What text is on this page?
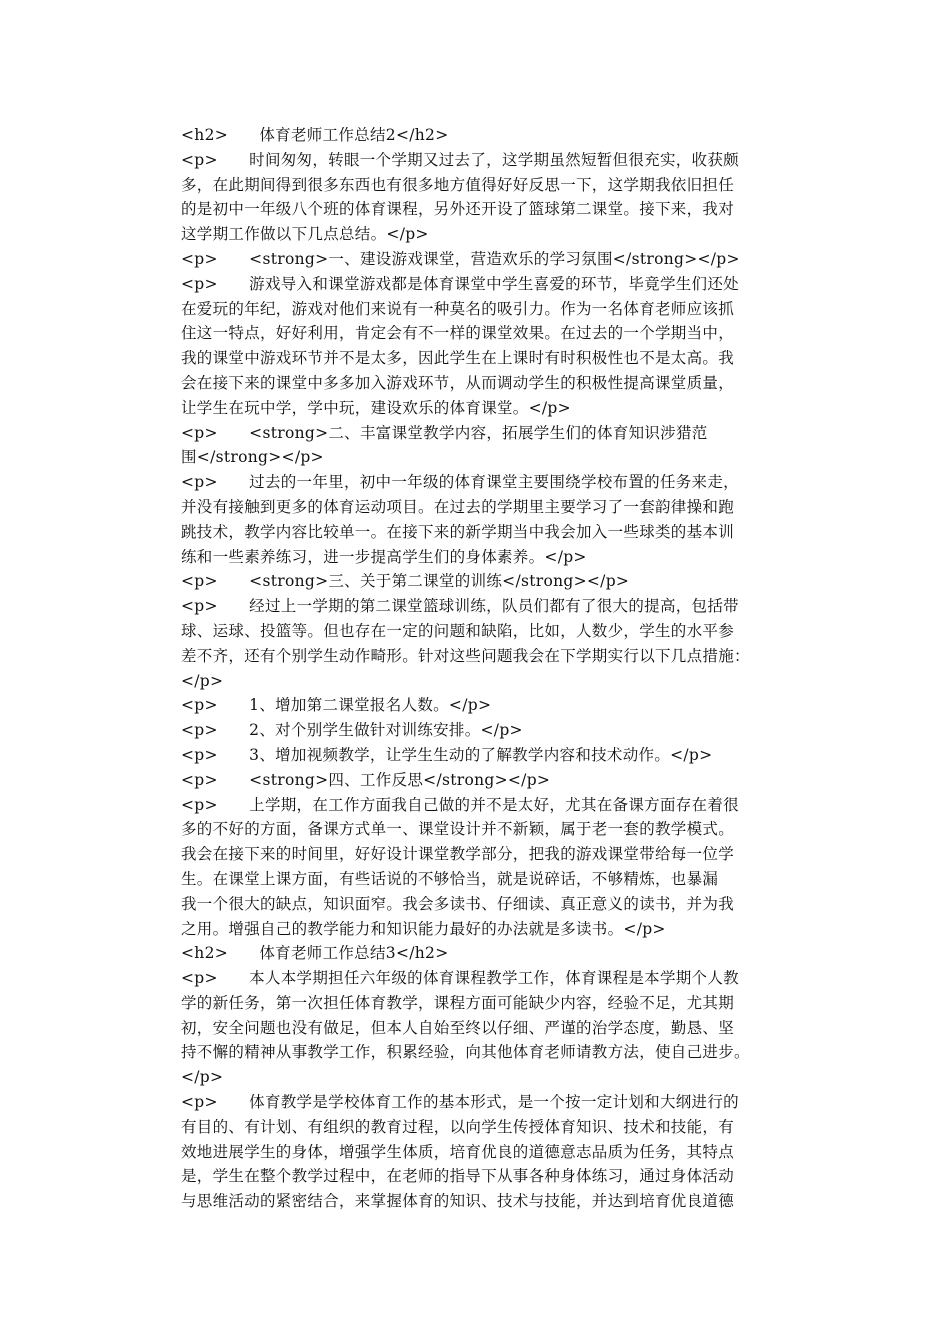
<h2>      体育老师工作总结2</h2>
<p>      时间匆匆，转眼一个学期又过去了，这学期虽然短暂但很充实，收获颇
多，在此期间得到很多东西也有很多地方值得好好反思一下，这学期我依旧担任
的是初中一年级八个班的体育课程，另外还开设了篮球第二课堂。接下来，我对
这学期工作做以下几点总结。</p>
<p>      <strong>一、建设游戏课堂，营造欢乐的学习氛围</strong></p>
<p>      游戏导入和课堂游戏都是体育课堂中学生喜爱的环节，毕竟学生们还处
在爱玩的年纪，游戏对他们来说有一种莫名的吸引力。作为一名体育老师应该抓
住这一特点，好好利用，肯定会有不一样的课堂效果。在过去的一个学期当中，
我的课堂中游戏环节并不是太多，因此学生在上课时有时积极性也不是太高。我
会在接下来的课堂中多多加入游戏环节，从而调动学生的积极性提高课堂质量，
让学生在玩中学，学中玩，建设欢乐的体育课堂。</p>
<p>      <strong>二、丰富课堂教学内容，拓展学生们的体育知识涉猎范
围</strong></p>
<p>      过去的一年里，初中一年级的体育课堂主要围绕学校布置的任务来走，
并没有接触到更多的体育运动项目。在过去的学期里主要学习了一套韵律操和跑
跳技术，教学内容比较单一。在接下来的新学期当中我会加入一些球类的基本训
练和一些素养练习，进一步提高学生们的身体素养。</p>
<p>      <strong>三、关于第二课堂的训练</strong></p>
<p>      经过上一学期的第二课堂篮球训练，队员们都有了很大的提高，包括带
球、运球、投篮等。但也存在一定的问题和缺陷，比如，人数少，学生的水平参
差不齐，还有个别学生动作畸形。针对这些问题我会在下学期实行以下几点措施：
</p>
<p>      1、增加第二课堂报名人数。</p>
<p>      2、对个别学生做针对训练安排。</p>
<p>      3、增加视频教学，让学生生动的了解教学内容和技术动作。</p>
<p>      <strong>四、工作反思</strong></p>
<p>      上学期，在工作方面我自己做的并不是太好，尤其在备课方面存在着很
多的不好的方面，备课方式单一、课堂设计并不新颖，属于老一套的教学模式。
我会在接下来的时间里，好好设计课堂教学部分，把我的游戏课堂带给每一位学
生。在课堂上课方面，有些话说的不够恰当，就是说碎话，不够精炼，也暴漏
我一个很大的缺点，知识面窄。我会多读书、仔细读、真正意义的读书，并为我
之用。增强自己的教学能力和知识能力最好的办法就是多读书。</p>
<h2>      体育老师工作总结3</h2>
<p>      本人本学期担任六年级的体育课程教学工作，体育课程是本学期个人教
学的新任务，第一次担任体育教学，课程方面可能缺少内容，经验不足，尤其期
初，安全问题也没有做足，但本人自始至终以仔细、严谨的治学态度，勤恳、坚
持不懈的精神从事教学工作，积累经验，向其他体育老师请教方法，使自己进步。
</p>
<p>      体育教学是学校体育工作的基本形式，是一个按一定计划和大纲进行的
有目的、有计划、有组织的教育过程，以向学生传授体育知识、技术和技能，有
效地进展学生的身体，增强学生体质，培育优良的道德意志品质为任务，其特点
是，学生在整个教学过程中，在老师的指导下从事各种身体练习，通过身体活动
与思维活动的紧密结合，来掌握体育的知识、技术与技能，并达到培育优良道德
